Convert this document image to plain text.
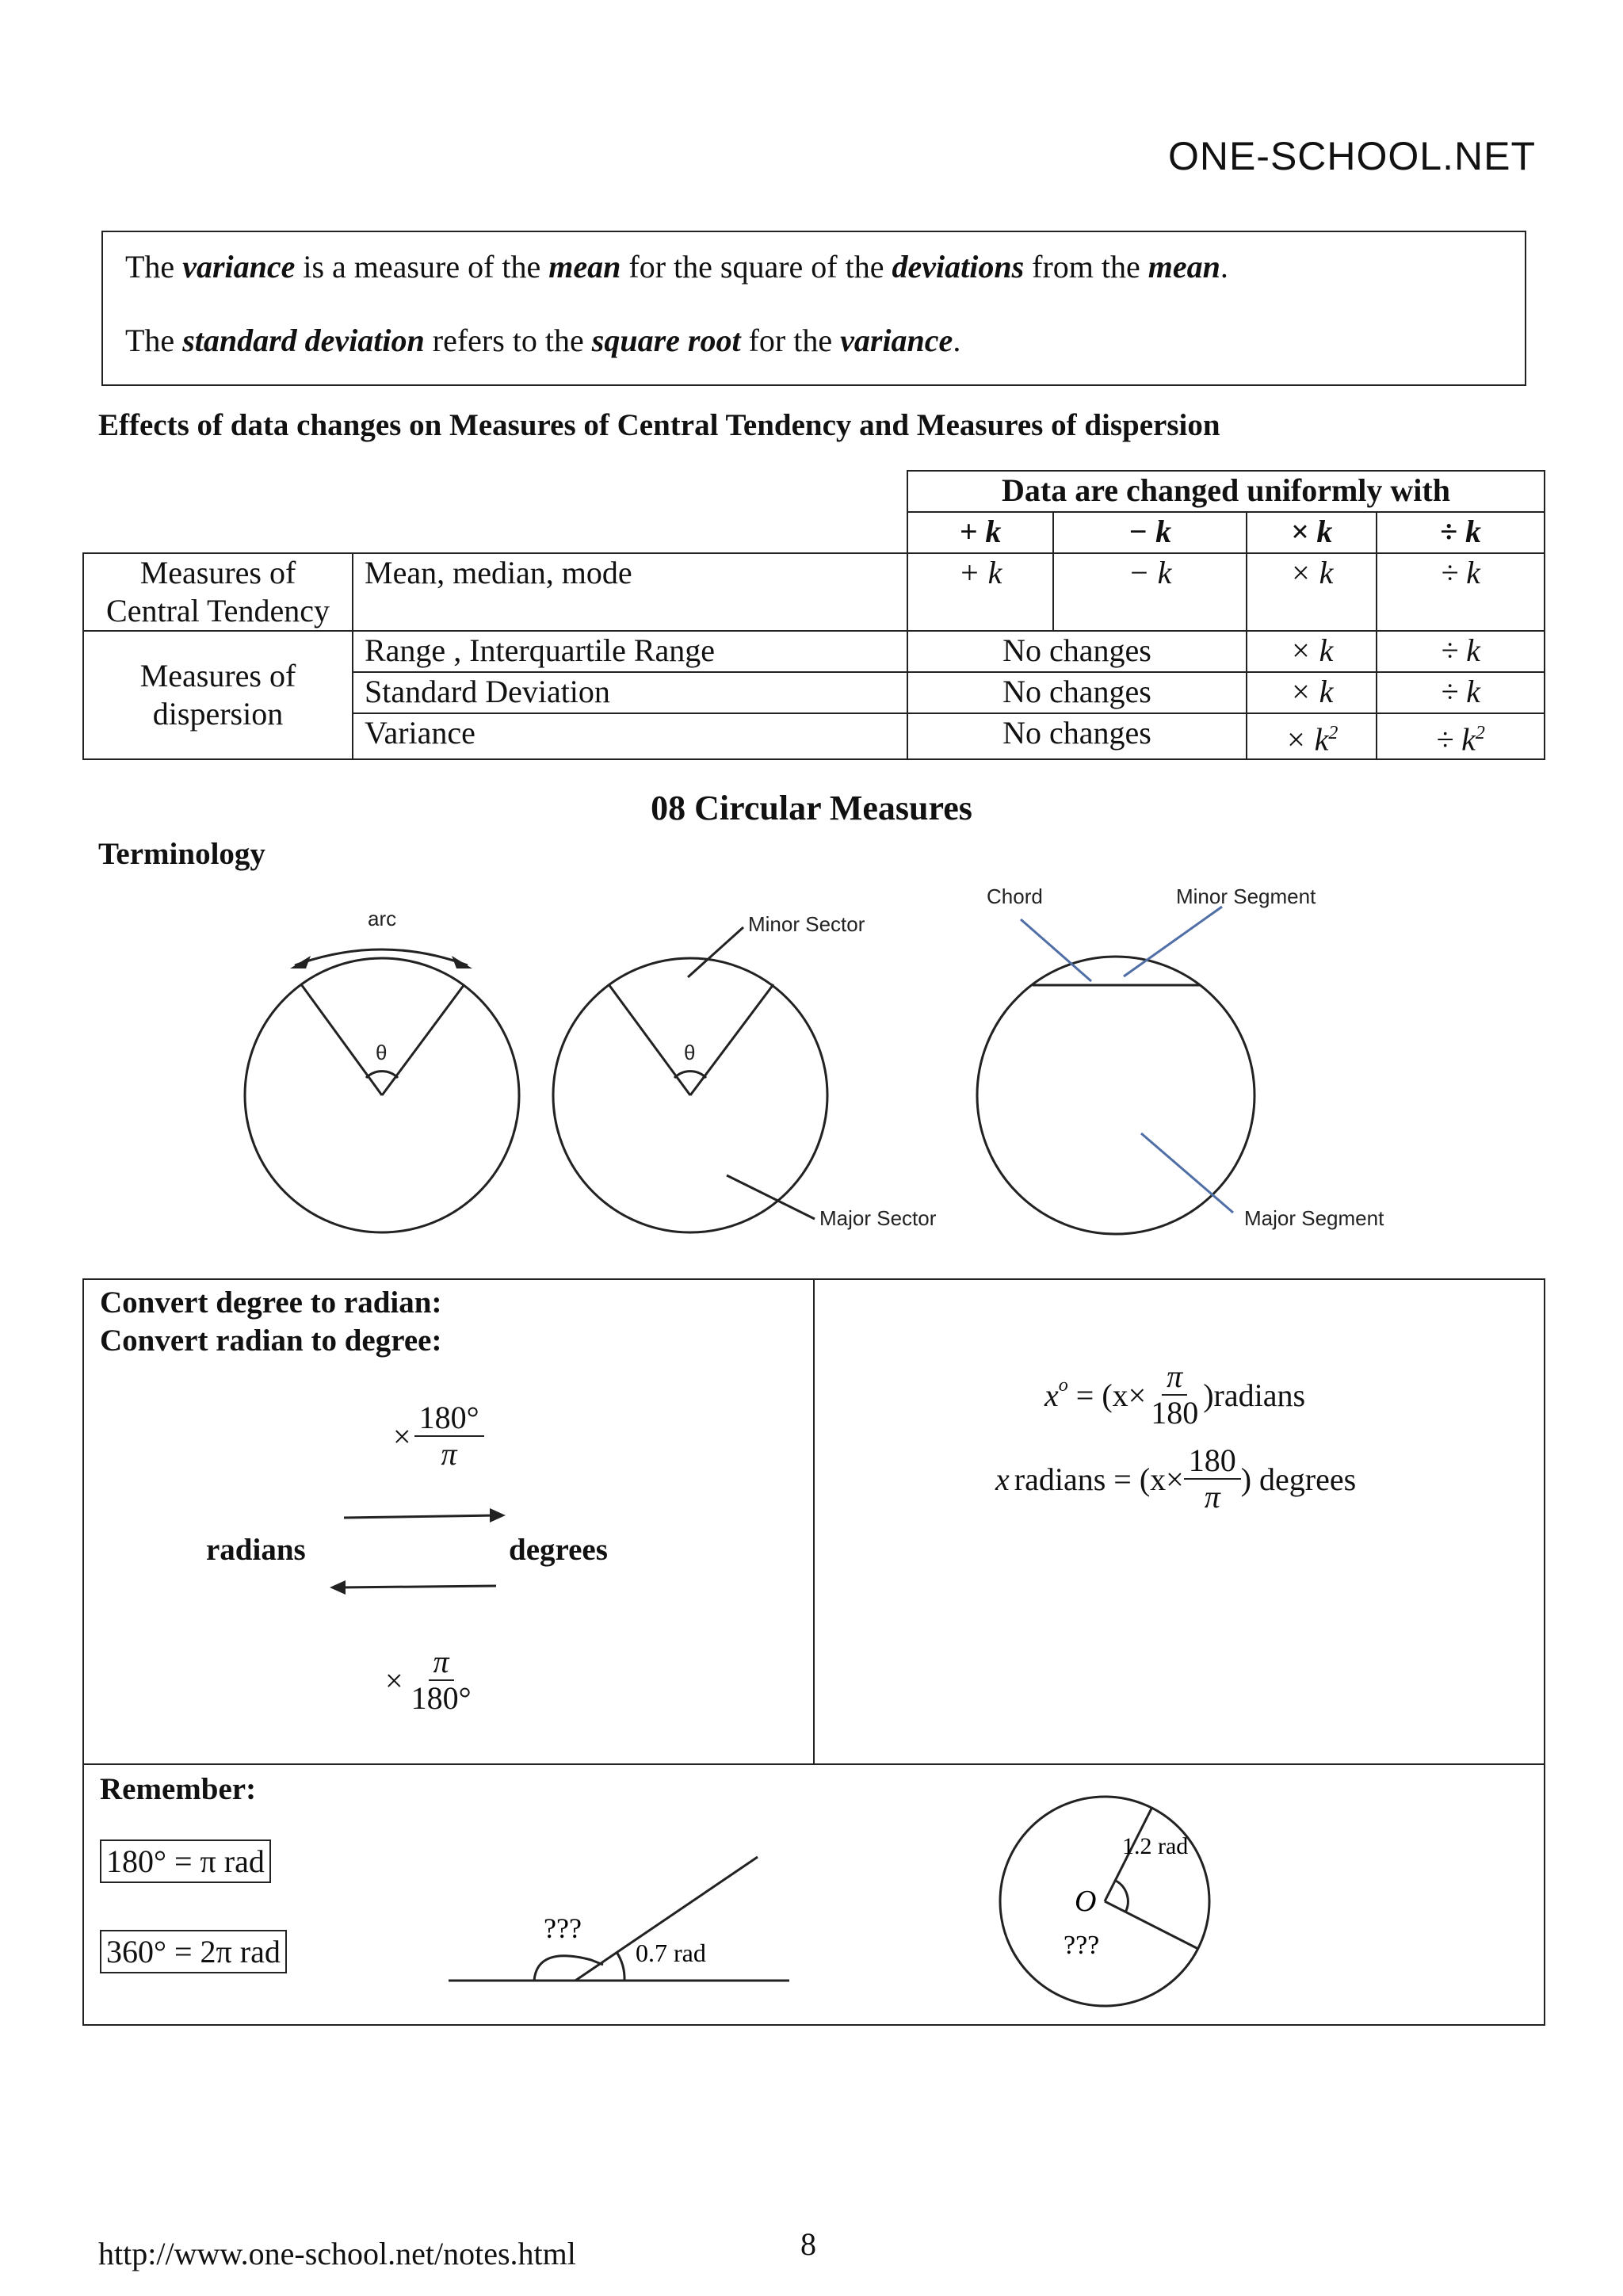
ONE-SCHOOL.NET
The variance is a measure of the mean for the square of the deviations from the mean.
The standard deviation refers to the square root for the variance.
Effects of data changes on Measures of Central Tendency and Measures of dispersion
		Data are changed uniformly with			
		+ k	− k	× k	÷ k
Measures of Central Tendency	Mean, median, mode	+ k	− k	× k	÷ k
Measures of dispersion	Range , Interquartile Range	No changes		× k	÷ k
	Standard Deviation	No changes		× k	÷ k
	Variance	No changes		× $k^2$	÷ $k^2$
08 Circular Measures
Terminology
arc
θ	θ
Minor Sector
Major Sector
Chord	Minor Segment
Major Segment
Convert degree to radian:
Convert radian to degree:
× $\frac{180^\circ}{\pi}$
radians	degrees
× $\frac{\pi}{180^\circ}$
$x^o = (x\times \frac{\pi}{180}$ )radians
x radians = ($x\times \frac{180}{\pi}$ ) degrees
Remember:
180° = π rad
360° = 2π rad
???
0.7 rad
1.2 rad
O
???
http://www.one-school.net/notes.html	8
